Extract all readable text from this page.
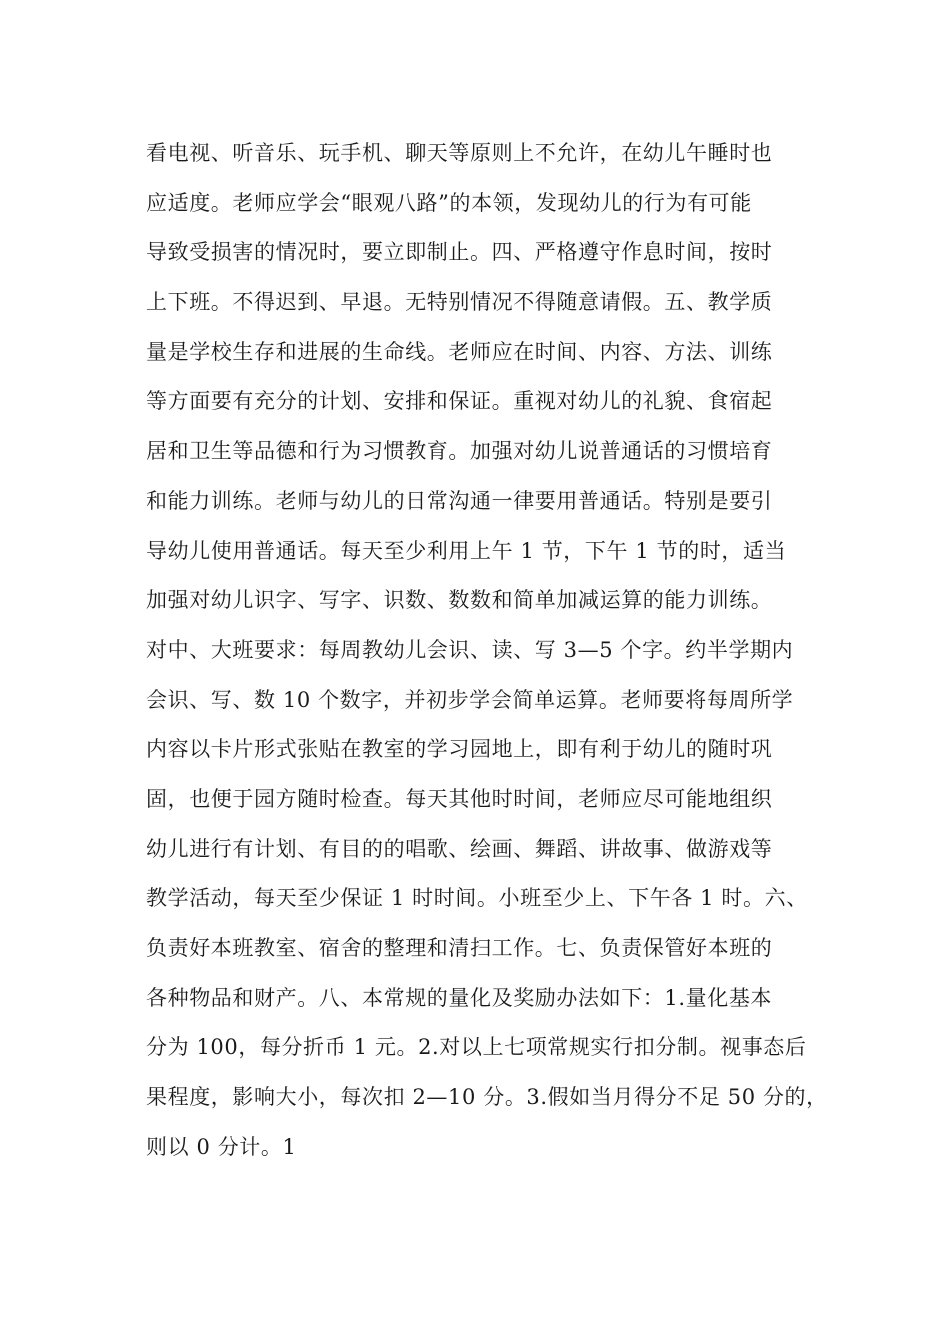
看电视、听音乐、玩手机、聊天等原则上不允许，在幼儿午睡时也
应适度。老师应学会“眼观八路”的本领，发现幼儿的行为有可能
导致受损害的情况时，要立即制止。四、严格遵守作息时间，按时
上下班。不得迟到、早退。无特别情况不得随意请假。五、教学质
量是学校生存和进展的生命线。老师应在时间、内容、方法、训练
等方面要有充分的计划、安排和保证。重视对幼儿的礼貌、食宿起
居和卫生等品德和行为习惯教育。加强对幼儿说普通话的习惯培育
和能力训练。老师与幼儿的日常沟通一律要用普通话。特别是要引
导幼儿使用普通话。每天至少利用上午 1 节，下午 1 节的时，适当
加强对幼儿识字、写字、识数、数数和简单加减运算的能力训练。
对中、大班要求：每周教幼儿会识、读、写 3—5 个字。约半学期内
会识、写、数 10 个数字，并初步学会简单运算。老师要将每周所学
内容以卡片形式张贴在教室的学习园地上，即有利于幼儿的随时巩
固，也便于园方随时检查。每天其他时时间，老师应尽可能地组织
幼儿进行有计划、有目的的唱歌、绘画、舞蹈、讲故事、做游戏等
教学活动，每天至少保证 1 时时间。小班至少上、下午各 1 时。六、
负责好本班教室、宿舍的整理和清扫工作。七、负责保管好本班的
各种物品和财产。八、本常规的量化及奖励办法如下：1.量化基本
分为 100，每分折币 1 元。2.对以上七项常规实行扣分制。视事态后
果程度，影响大小，每次扣 2—10 分。3.假如当月得分不足 50 分的，
则以 0 分计。1
